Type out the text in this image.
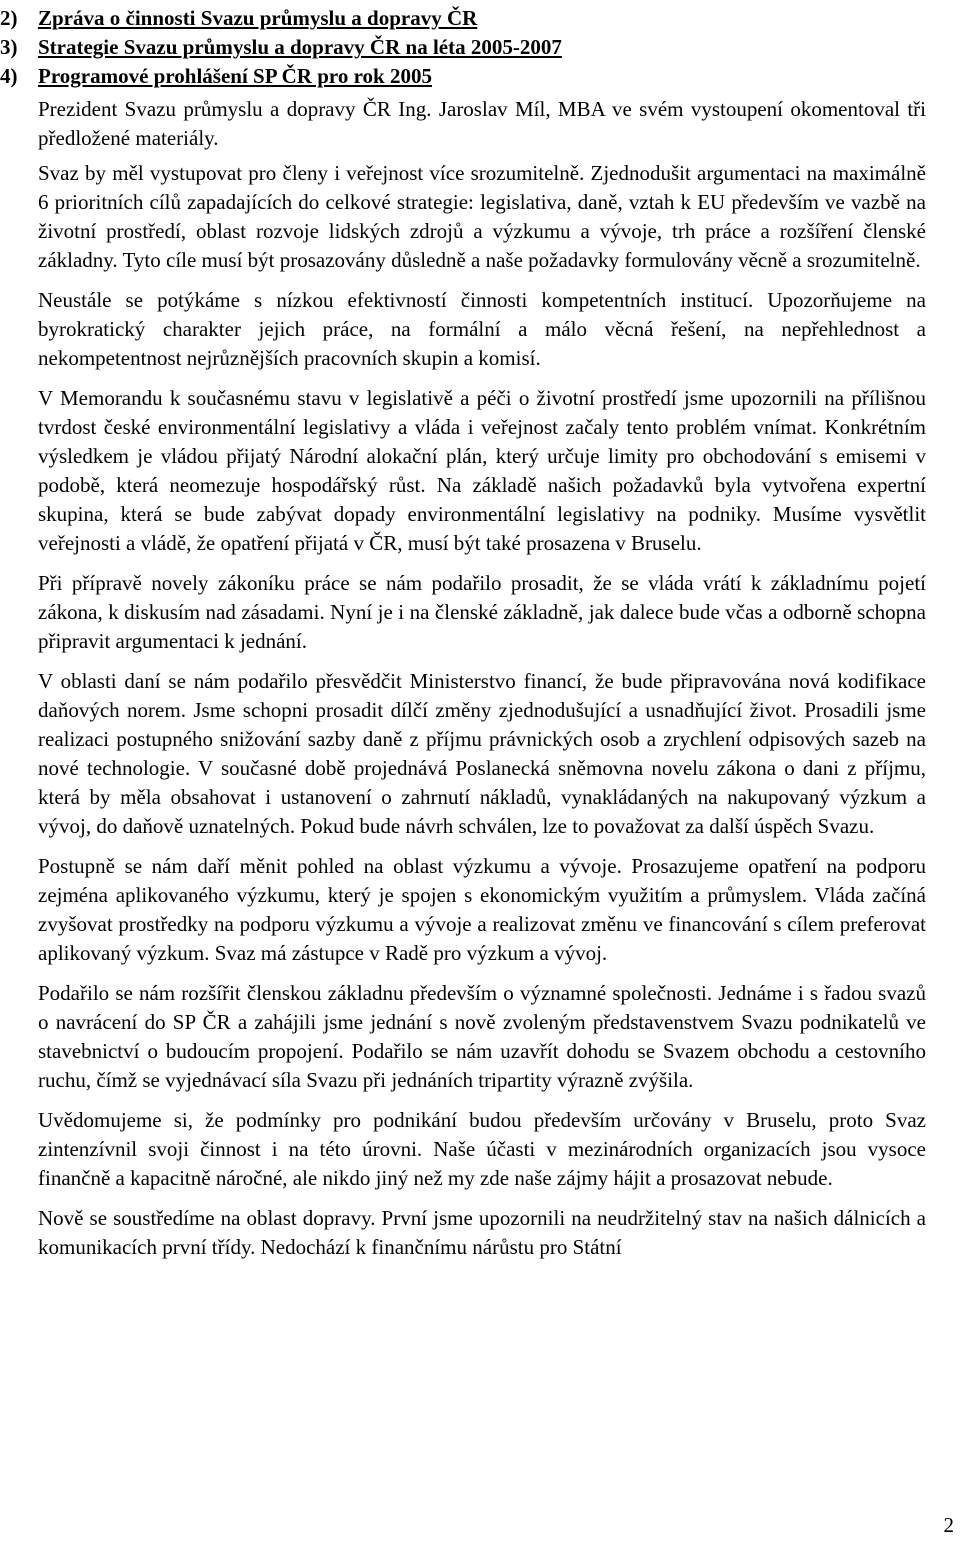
2) Zpráva o činnosti Svazu průmyslu a dopravy ČR
3) Strategie Svazu průmyslu a dopravy ČR na léta 2005-2007
4) Programové prohlášení SP ČR pro rok 2005

Prezident Svazu průmyslu a dopravy ČR Ing. Jaroslav Míl, MBA ve svém vystoupení okomentoval tři předložené materiály.

Svaz by měl vystupovat pro členy i veřejnost více srozumitelně. Zjednodušit argumentaci na maximálně 6 prioritních cílů zapadajících do celkové strategie: legislativa, daně, vztah k EU především ve vazbě na životní prostředí, oblast rozvoje lidských zdrojů a výzkumu a vývoje, trh práce a rozšíření členské základny. Tyto cíle musí být prosazovány důsledně a naše požadavky formulovány věcně a srozumitelně.

Neustále se potýkáme s nízkou efektivností činnosti kompetentních institucí. Upozorňujeme na byrokratický charakter jejich práce, na formální a málo věcná řešení, na nepřehlednost a nekompetentnost nejrůznějších pracovních skupin a komisí.

V Memorandu k současnému stavu v legislativě a péči o životní prostředí jsme upozornili na přílišnou tvrdost české environmentální legislativy a vláda i veřejnost začaly tento problém vnímat. Konkrétním výsledkem je vládou přijatý Národní alokační plán, který určuje limity pro obchodování s emisemi v podobě, která neomezuje hospodářský růst. Na základě našich požadavků byla vytvořena expertní skupina, která se bude zabývat dopady environmentální legislativy na podniky. Musíme vysvětlit veřejnosti a vládě, že opatření přijatá v ČR, musí být také prosazena v Bruselu.

Při přípravě novely zákoníku práce se nám podařilo prosadit, že se vláda vrátí k základnímu pojetí zákona, k diskusím nad zásadami. Nyní je i na členské základně, jak dalece bude včas a odborně schopna připravit argumentaci k jednání.

V oblasti daní se nám podařilo přesvědčit Ministerstvo financí, že bude připravována nová kodifikace daňových norem. Jsme schopni prosadit dílčí změny zjednodušující a usnadňující život. Prosadili jsme realizaci postupného snižování sazby daně z příjmu právnických osob a zrychlení odpisových sazeb na nové technologie. V současné době projednává Poslanecká sněmovna novelu zákona o dani z příjmu, která by měla obsahovat i ustanovení o zahrnutí nákladů, vynakládaných na nakupovaný výzkum a vývoj, do daňově uznatelných. Pokud bude návrh schválen, lze to považovat za další úspěch Svazu.

Postupně se nám daří měnit pohled na oblast výzkumu a vývoje. Prosazujeme opatření na podporu zejména aplikovaného výzkumu, který je spojen s ekonomickým využitím a průmyslem. Vláda začíná zvyšovat prostředky na podporu výzkumu a vývoje a realizovat změnu ve financování s cílem preferovat aplikovaný výzkum. Svaz má zástupce v Radě pro výzkum a vývoj.

Podařilo se nám rozšířit členskou základnu především o významné společnosti. Jednáme i s řadou svazů o navrácení do SP ČR a zahájili jsme jednání s nově zvoleným představenstvem Svazu podnikatelů ve stavebnictví o budoucím propojení. Podařilo se nám uzavřít dohodu se Svazem obchodu a cestovního ruchu, čímž se vyjednávací síla Svazu při jednáních tripartity výrazně zvýšila.

Uvědomujeme si, že podmínky pro podnikání budou především určovány v Bruselu, proto Svaz zintenzívnil svoji činnost i na této úrovni. Naše účasti v mezinárodních organizacích jsou vysoce finančně a kapacitně náročné, ale nikdo jiný než my zde naše zájmy hájit a prosazovat nebude.

Nově se soustředíme na oblast dopravy. První jsme upozornili na neudržitelný stav na našich dálnicích a komunikacích první třídy. Nedochází k finančnímu nárůstu pro Státní

2
